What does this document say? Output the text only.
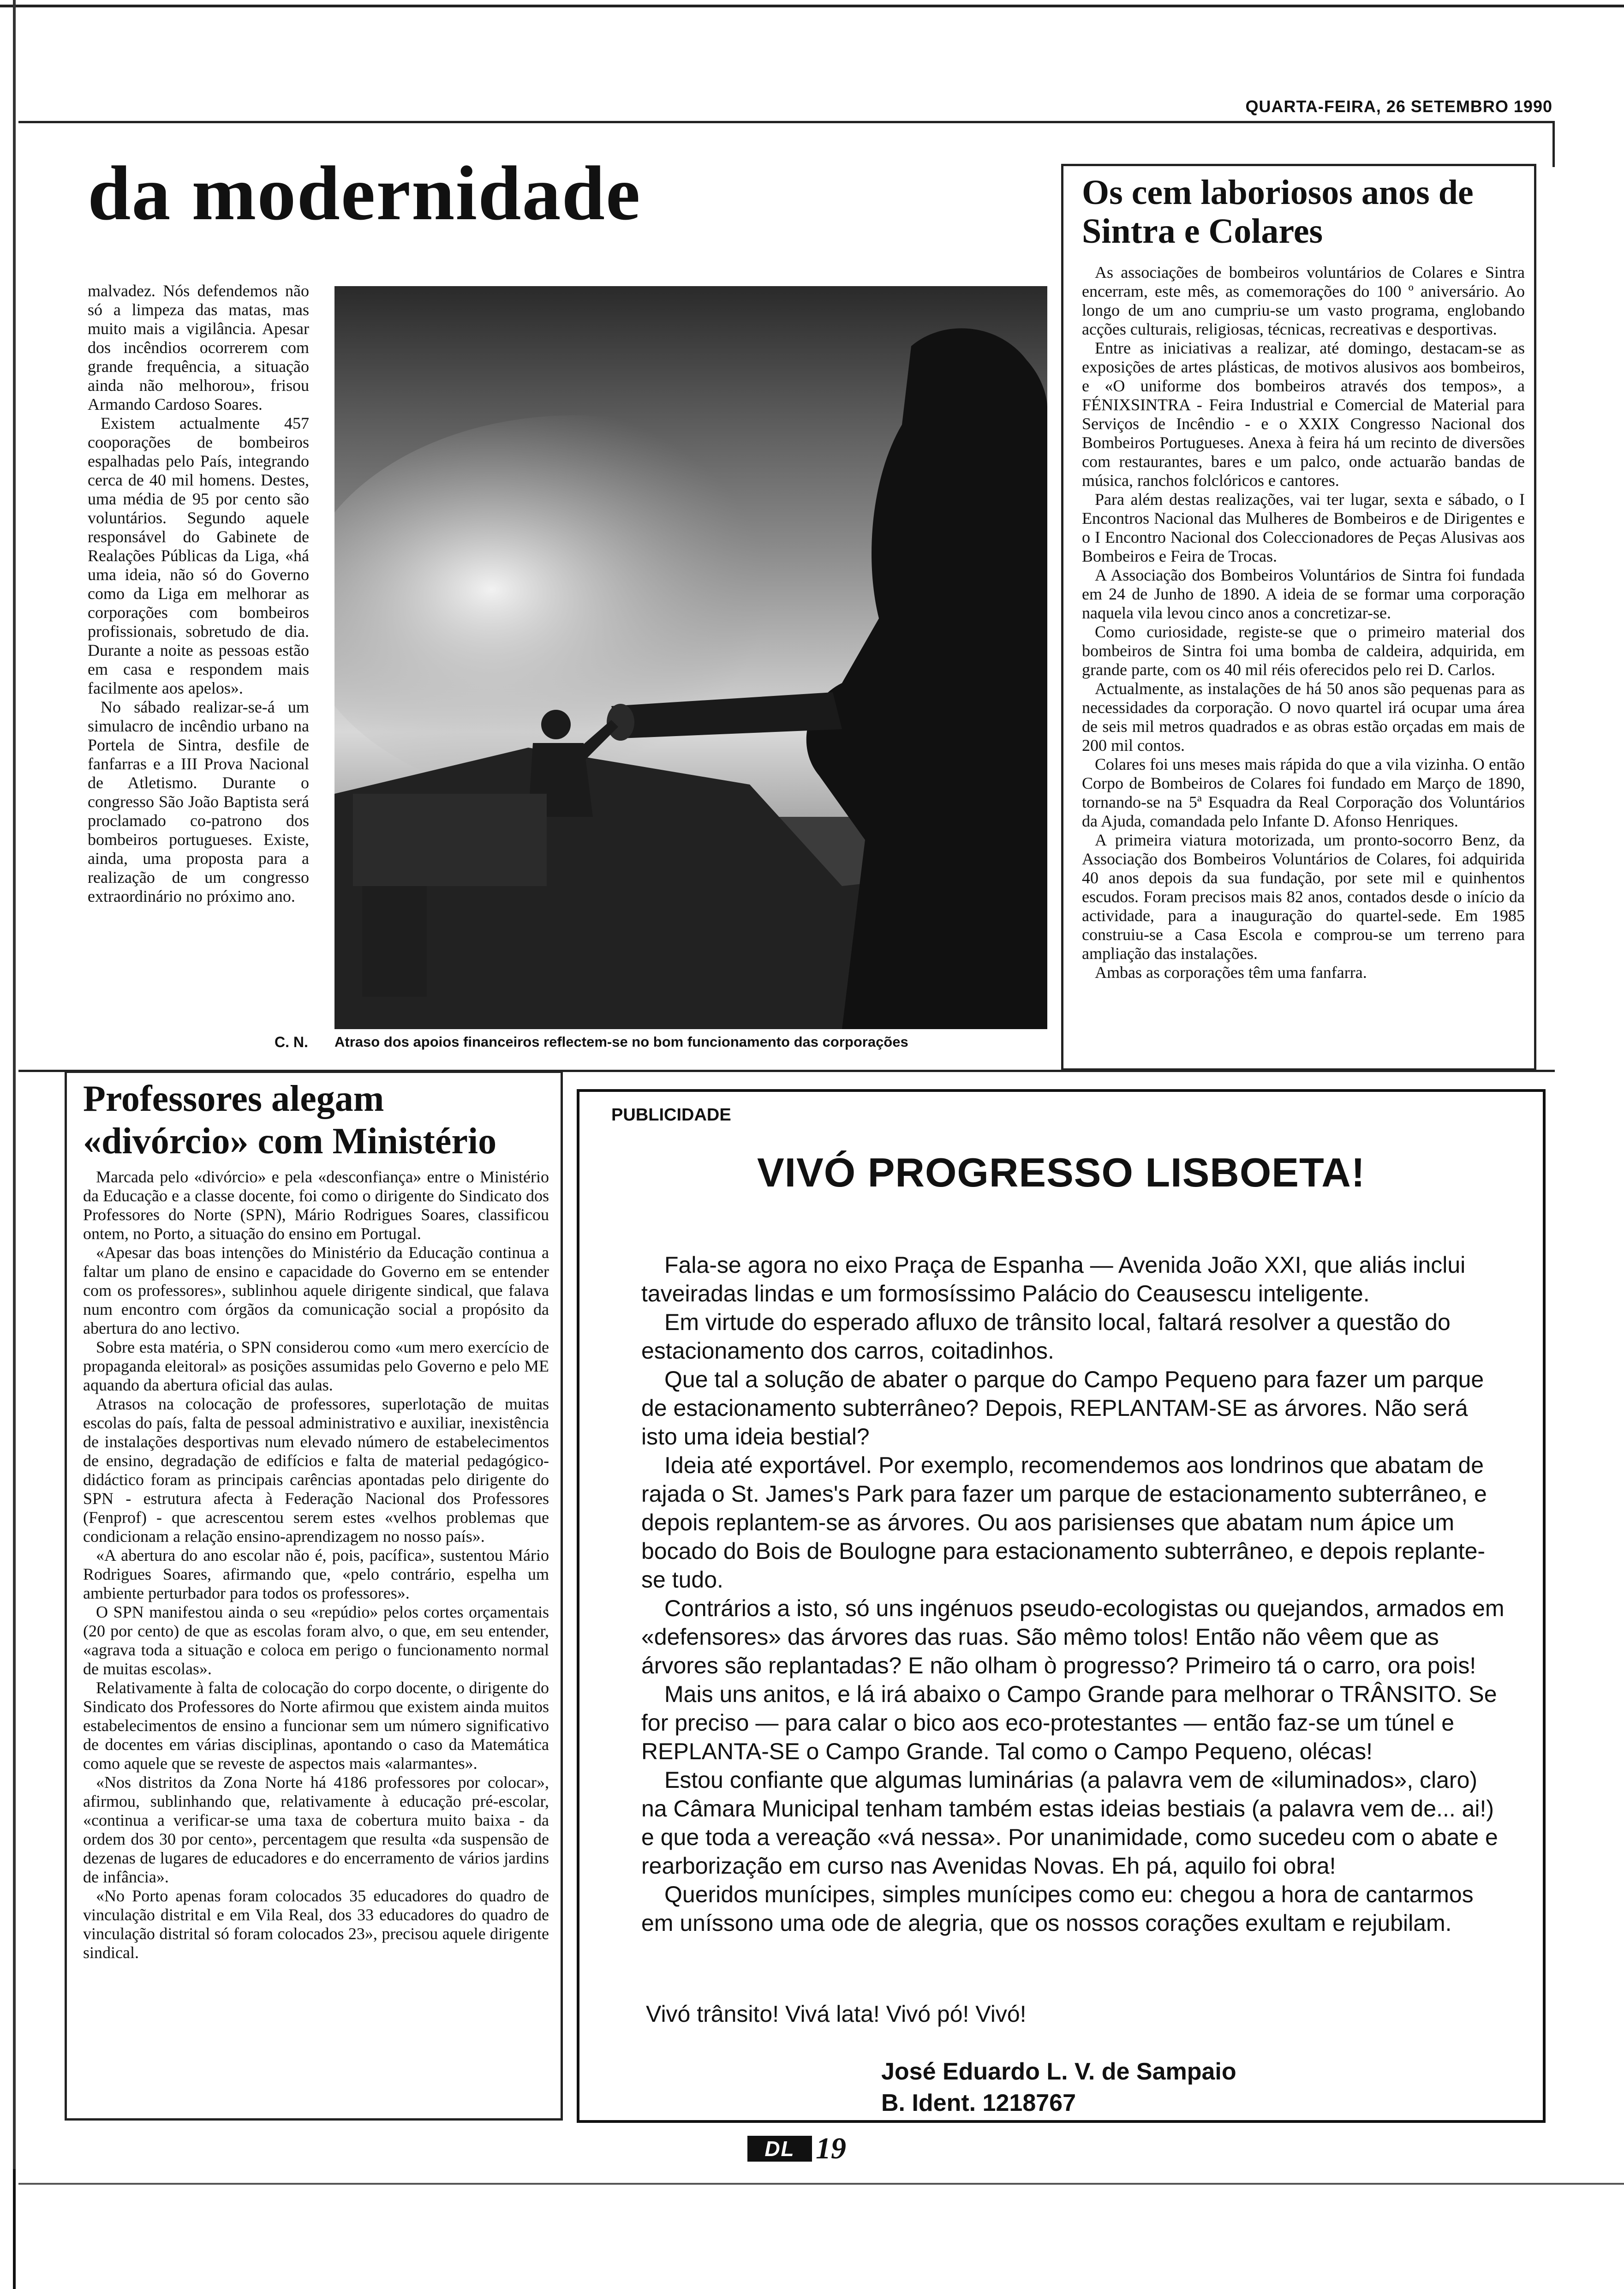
QUARTA-FEIRA, 26 SETEMBRO 1990
da modernidade

malvadez. Nós defendemos não só a limpeza das matas, mas muito mais a vigilância. Apesar dos incêndios ocorrerem com grande frequência, a situação ainda não melhorou», frisou Armando Cardoso Soares.

Existem actualmente 457 cooporações de bombeiros espalhadas pelo País, integrando cerca de 40 mil homens. Destes, uma média de 95 por cento são voluntários. Segundo aquele responsável do Gabinete de Realações Públicas da Liga, «há uma ideia, não só do Governo como da Liga em melhorar as corporações com bombeiros profissionais, sobretudo de dia. Durante a noite as pessoas estão em casa e respondem mais facilmente aos apelos».

No sábado realizar-se-á um simulacro de incêndio urbano na Portela de Sintra, desfile de fanfarras e a III Prova Nacional de Atletismo. Durante o congresso São João Baptista será proclamado co-patrono dos bombeiros portugueses. Existe, ainda, uma proposta para a realização de um congresso extraordinário no próximo ano.

C. N. Atraso dos apoios financeiros reflectem-se no bom funcionamento das corporações
Os cem laboriosos anos de Sintra e Colares

As associações de bombeiros voluntários de Colares e Sintra encerram, este mês, as comemorações do 100 º aniversário. Ao longo de um ano cumpriu-se um vasto programa, englobando acções culturais, religiosas, técnicas, recreativas e desportivas.

Entre as iniciativas a realizar, até domingo, destacam-se as exposições de artes plásticas, de motivos alusivos aos bombeiros, e «O uniforme dos bombeiros através dos tempos», a FÉNIXSINTRA - Feira Industrial e Comercial de Material para Serviços de Incêndio - e o XXIX Congresso Nacional dos Bombeiros Portugueses. Anexa à feira há um recinto de diversões com restaurantes, bares e um palco, onde actuarão bandas de música, ranchos folclóricos e cantores.

Para além destas realizações, vai ter lugar, sexta e sábado, o I Encontros Nacional das Mulheres de Bombeiros e de Dirigentes e o I Encontro Nacional dos Coleccionadores de Peças Alusivas aos Bombeiros e Feira de Trocas.

A Associação dos Bombeiros Voluntários de Sintra foi fundada em 24 de Junho de 1890. A ideia de se formar uma corporação naquela vila levou cinco anos a concretizar-se.

Como curiosidade, registe-se que o primeiro material dos bombeiros de Sintra foi uma bomba de caldeira, adquirida, em grande parte, com os 40 mil réis oferecidos pelo rei D. Carlos.

Actualmente, as instalações de há 50 anos são pequenas para as necessidades da corporação. O novo quartel irá ocupar uma área de seis mil metros quadrados e as obras estão orçadas em mais de 200 mil contos.

Colares foi uns meses mais rápida do que a vila vizinha. O então Corpo de Bombeiros de Colares foi fundado em Março de 1890, tornando-se na 5ª Esquadra da Real Corporação dos Voluntários da Ajuda, comandada pelo Infante D. Afonso Henriques.

A primeira viatura motorizada, um pronto-socorro Benz, da Associação dos Bombeiros Voluntários de Colares, foi adquirida 40 anos depois da sua fundação, por sete mil e quinhentos escudos. Foram precisos mais 82 anos, contados desde o início da actividade, para a inauguração do quartel-sede. Em 1985 construiu-se a Casa Escola e comprou-se um terreno para ampliação das instalações.

Ambas as corporações têm uma fanfarra.

Professores alegam «divórcio» com Ministério

Marcada pelo «divórcio» e pela «desconfiança» entre o Ministério da Educação e a classe docente, foi como o dirigente do Sindicato dos Professores do Norte (SPN), Mário Rodrigues Soares, classificou ontem, no Porto, a situação do ensino em Portugal.

«Apesar das boas intenções do Ministério da Educação continua a faltar um plano de ensino e capacidade do Governo em se entender com os professores», sublinhou aquele dirigente sindical, que falava num encontro com órgãos da comunicação social a propósito da abertura do ano lectivo.

Sobre esta matéria, o SPN considerou como «um mero exercício de propaganda eleitoral» as posições assumidas pelo Governo e pelo ME aquando da abertura oficial das aulas.

Atrasos na colocação de professores, superlotação de muitas escolas do país, falta de pessoal administrativo e auxiliar, inexistência de instalações desportivas num elevado número de estabelecimentos de ensino, degradação de edifícios e falta de material pedagógico-didáctico foram as principais carências apontadas pelo dirigente do SPN - estrutura afecta à Federação Nacional dos Professores (Fenprof) - que acrescentou serem estes «velhos problemas que condicionam a relação ensino-aprendizagem no nosso país».

«A abertura do ano escolar não é, pois, pacífica», sustentou Mário Rodrigues Soares, afirmando que, «pelo contrário, espelha um ambiente perturbador para todos os professores».

O SPN manifestou ainda o seu «repúdio» pelos cortes orçamentais (20 por cento) de que as escolas foram alvo, o que, em seu entender, «agrava toda a situação e coloca em perigo o funcionamento normal de muitas escolas».

Relativamente à falta de colocação do corpo docente, o dirigente do Sindicato dos Professores do Norte afirmou que existem ainda muitos estabelecimentos de ensino a funcionar sem um número significativo de docentes em várias disciplinas, apontando o caso da Matemática como aquele que se reveste de aspectos mais «alarmantes».

«Nos distritos da Zona Norte há 4186 professores por colocar», afirmou, sublinhando que, relativamente à educação pré-escolar, «continua a verificar-se uma taxa de cobertura muito baixa - da ordem dos 30 por cento», percentagem que resulta «da suspensão de dezenas de lugares de educadores e do encerramento de vários jardins de infância».

«No Porto apenas foram colocados 35 educadores do quadro de vinculação distrital e em Vila Real, dos 33 educadores do quadro de vinculação distrital só foram colocados 23», precisou aquele dirigente sindical.

PUBLICIDADE
VIVÓ PROGRESSO LISBOETA!

Fala-se agora no eixo Praça de Espanha — Avenida João XXI, que aliás inclui taveiradas lindas e um formosíssimo Palácio do Ceausescu inteligente.

Em virtude do esperado afluxo de trânsito local, faltará resolver a questão do estacionamento dos carros, coitadinhos.

Que tal a solução de abater o parque do Campo Pequeno para fazer um parque de estacionamento subterrâneo? Depois, REPLANTAM-SE as árvores. Não será isto uma ideia bestial?

Ideia até exportável. Por exemplo, recomendemos aos londrinos que abatam de rajada o St. James's Park para fazer um parque de estacionamento subterrâneo, e depois replantem-se as árvores. Ou aos parisienses que abatam num ápice um bocado do Bois de Boulogne para estacionamento subterrâneo, e depois replante-se tudo.

Contrários a isto, só uns ingénuos pseudo-ecologistas ou quejandos, armados em «defensores» das árvores das ruas. São mêmo tolos! Então não vêem que as árvores são replantadas? E não olham ò progresso? Primeiro tá o carro, ora pois!

Mais uns anitos, e lá irá abaixo o Campo Grande para melhorar o TRÂNSITO. Se for preciso — para calar o bico aos eco-protestantes — então faz-se um túnel e REPLANTA-SE o Campo Grande. Tal como o Campo Pequeno, olécas!

Estou confiante que algumas luminárias (a palavra vem de «iluminados», claro) na Câmara Municipal tenham também estas ideias bestiais (a palavra vem de... ai!) e que toda a vereação «vá nessa». Por unanimidade, como sucedeu com o abate e rearborização em curso nas Avenidas Novas. Eh pá, aquilo foi obra!

Queridos munícipes, simples munícipes como eu: chegou a hora de cantarmos em uníssono uma ode de alegria, que os nossos corações exultam e rejubilam.

Vivó trânsito! Vivá lata! Vivó pó! Vivó!
José Eduardo L. V. de Sampaio
B. Ident. 1218767
DL 19
